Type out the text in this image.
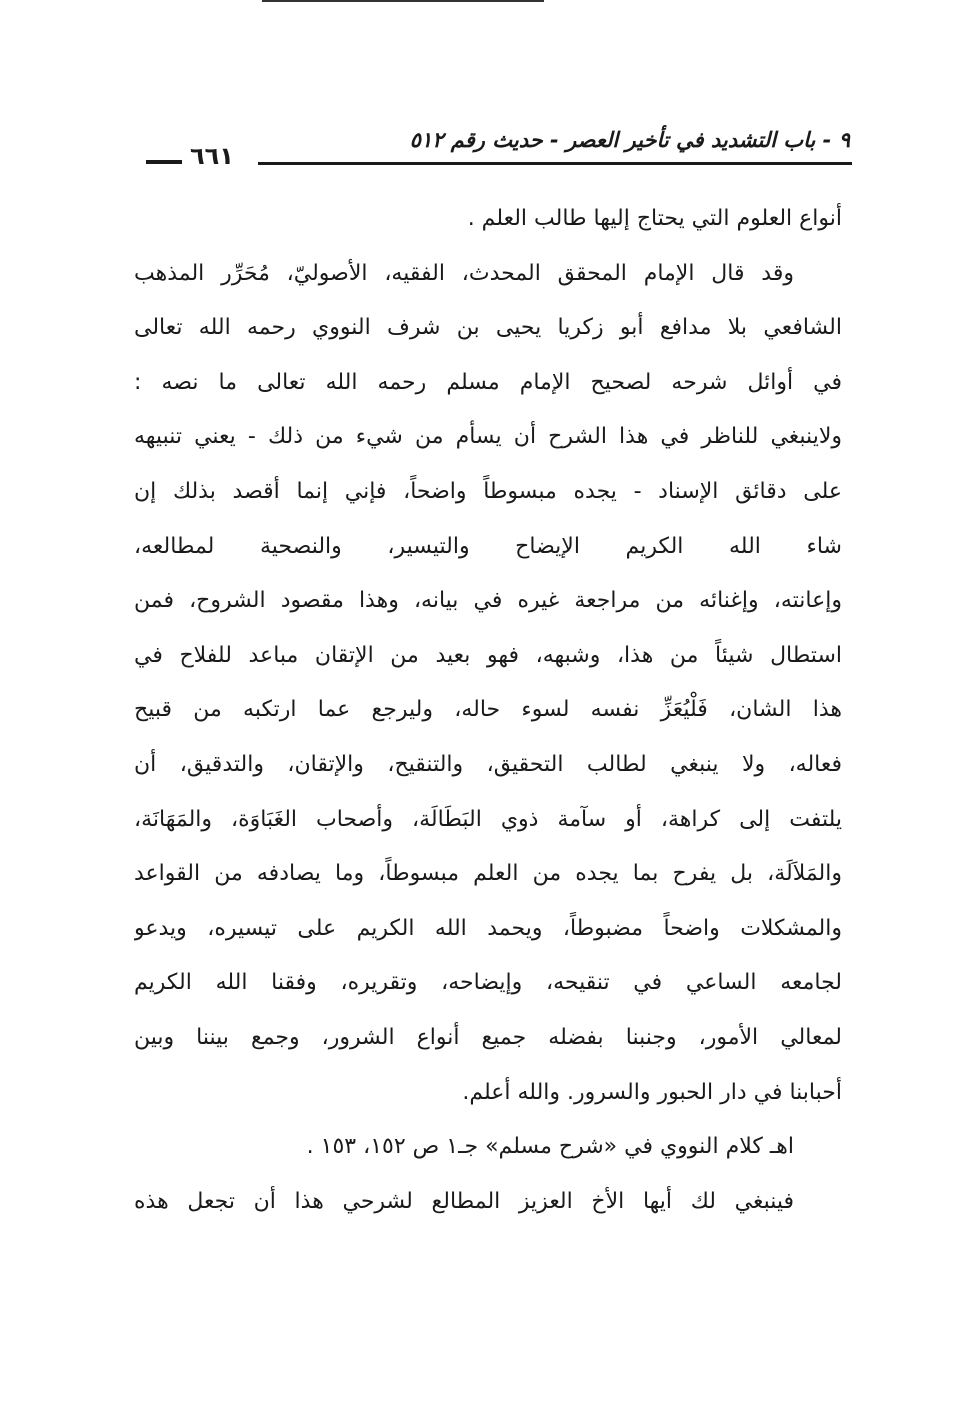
٩ - باب التشديد في تأخير العصر - حديث رقم ٥١٢
٦٦١
أنواع العلوم التي يحتاج إليها طالب العلم .
وقد قال الإمام المحقق المحدث، الفقيه، الأصوليّ، مُحَرِّر المذهب
الشافعي بلا مدافع أبو زكريا يحيى بن شرف النووي رحمه الله تعالى
في أوائل شرحه لصحيح الإمام مسلم رحمه الله تعالى ما نصه :
ولاينبغي للناظر في هذا الشرح أن يسأم من شيء من ذلك - يعني تنبيهه
على دقائق الإسناد - يجده مبسوطاً واضحاً، فإني إنما أقصد بذلك إن
شاء الله الكريم الإيضاح والتيسير، والنصحية لمطالعه،
وإعانته، وإغنائه من مراجعة غيره في بيانه، وهذا مقصود الشروح، فمن
استطال شيئاً من هذا، وشبهه، فهو بعيد من الإتقان مباعد للفلاح في
هذا الشان، فَلْيُعَزِّ نفسه لسوء حاله، وليرجع عما ارتكبه من قبيح
فعاله، ولا ينبغي لطالب التحقيق، والتنقيح، والإتقان، والتدقيق، أن
يلتفت إلى كراهة، أو سآمة ذوي البَطَالَة، وأصحاب الغَبَاوَة، والمَهَانَة،
والمَلاَلَة، بل يفرح بما يجده من العلم مبسوطاً، وما يصادفه من القواعد
والمشكلات واضحاً مضبوطاً، ويحمد الله الكريم على تيسيره، ويدعو
لجامعه الساعي في تنقيحه، وإيضاحه، وتقريره، وفقنا الله الكريم
لمعالي الأمور، وجنبنا بفضله جميع أنواع الشرور، وجمع بيننا وبين
أحبابنا في دار الحبور والسرور. والله أعلم.
اهـ كلام النووي في «شرح مسلم» جـ١ ص ١٥٢، ١٥٣ .
فينبغي لك أيها الأخ العزيز المطالع لشرحي هذا أن تجعل هذه
